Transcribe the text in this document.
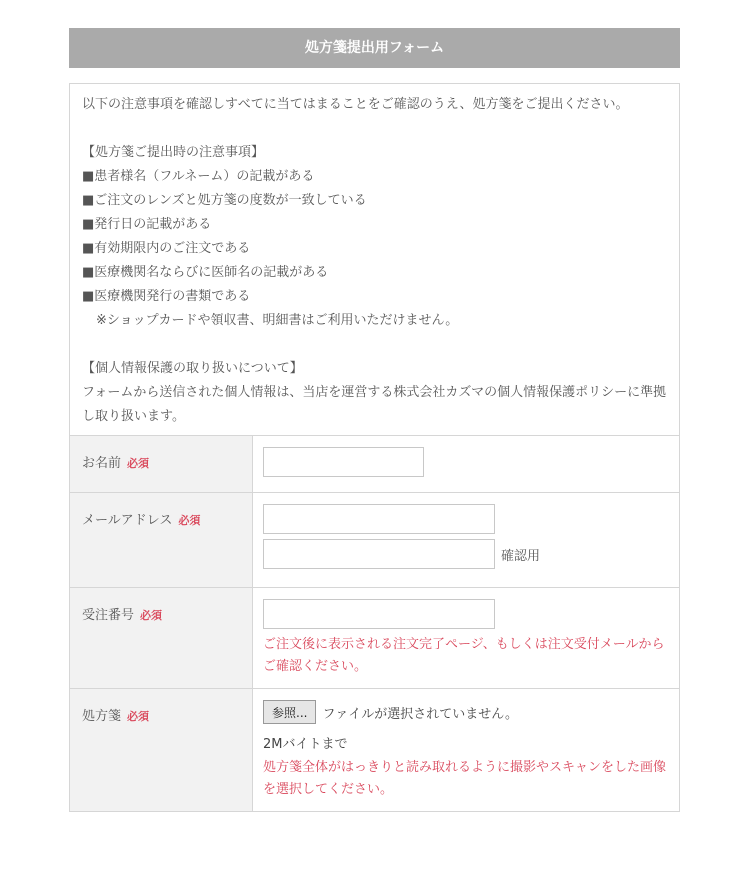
処方箋提出用フォーム

以下の注意事項を確認しすべてに当てはまることをご確認のうえ、処方箋をご提出ください。

【処方箋ご提出時の注意事項】

■患者様名（フルネーム）の記載がある

■ご注文のレンズと処方箋の度数が一致している

■発行日の記載がある

■有効期限内のご注文である

■医療機関名ならびに医師名の記載がある

■医療機関発行の書類である

※ショップカードや領収書、明細書はご利用いただけません。

【個人情報保護の取り扱いについて】

フォームから送信された個人情報は、当店を運営する株式会社カズマの個人情報保護ポリシーに準拠し取り扱います。

お名前 必須	

メールアドレス 必須	確認用

受注番号 必須	ご注文後に表示される注文完了ページ、もしくは注文受付メールからご確認ください。

処方箋 必須	参照... ファイルが選択されていません。
2Mバイトまで
処方箋全体がはっきりと読み取れるように撮影やスキャンをした画像を選択してください。
